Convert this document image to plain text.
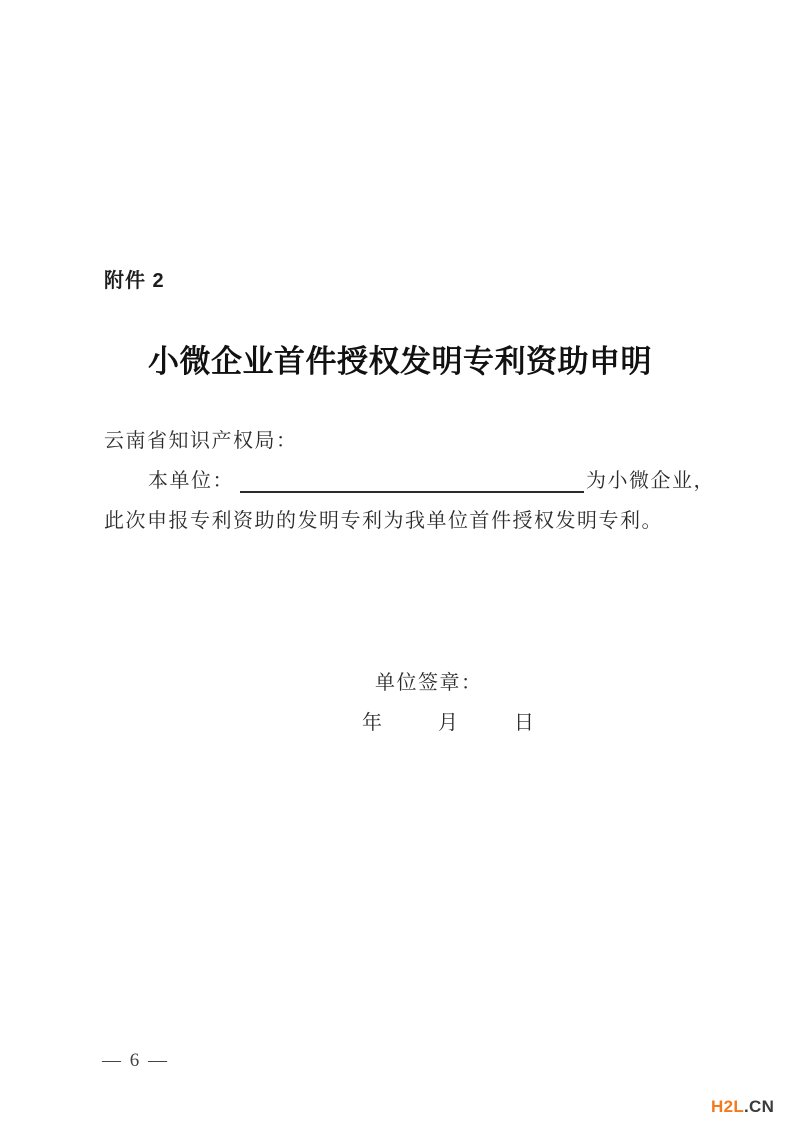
附件 2
小微企业首件授权发明专利资助申明
云南省知识产权局：
本单位：	为小微企业，
此次申报专利资助的发明专利为我单位首件授权发明专利。
单位签章：
年	月	日
— 6 —
H2L.CN
